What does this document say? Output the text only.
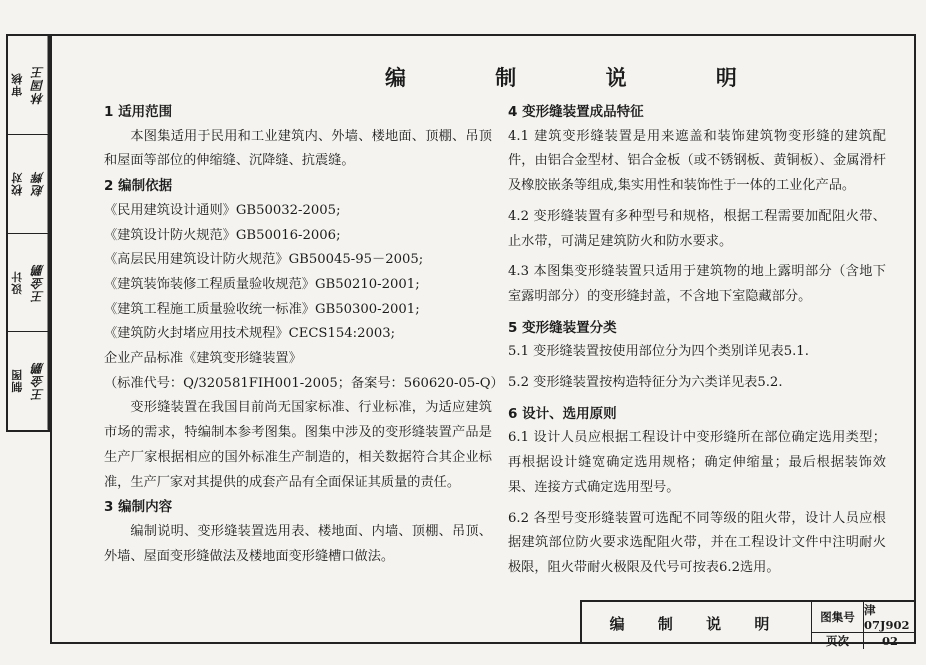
审核 林国王
校对 赵辉
设计 王金鹏
制图 王金鹏
编 制 说 明
1 适用范围
本图集适用于民用和工业建筑内、外墙、楼地面、顶棚、吊顶和屋面等部位的伸缩缝、沉降缝、抗震缝。
2 编制依据
《民用建筑设计通则》GB50032-2005;
《建筑设计防火规范》GB50016-2006;
《高层民用建筑设计防火规范》GB50045-95－2005;
《建筑装饰装修工程质量验收规范》GB50210-2001;
《建筑工程施工质量验收统一标准》GB50300-2001;
《建筑防火封堵应用技术规程》CECS154:2003;
企业产品标准《建筑变形缝装置》
（标准代号：Q/320581FIH001-2005；备案号：560620-05-Q）
变形缝装置在我国目前尚无国家标准、行业标准，为适应建筑市场的需求，特编制本参考图集。图集中涉及的变形缝装置产品是生产厂家根据相应的国外标准生产制造的，相关数据符合其企业标准，生产厂家对其提供的成套产品有全面保证其质量的责任。
3 编制内容
编制说明、变形缝装置选用表、楼地面、内墙、顶棚、吊顶、外墙、屋面变形缝做法及楼地面变形缝槽口做法。
4 变形缝装置成品特征
4.1 建筑变形缝装置是用来遮盖和装饰建筑物变形缝的建筑配件，由铝合金型材、铝合金板（或不锈钢板、黄铜板）、金属滑杆及橡胶嵌条等组成,集实用性和装饰性于一体的工业化产品。
4.2 变形缝装置有多种型号和规格，根据工程需要加配阻火带、止水带，可满足建筑防火和防水要求。
4.3 本图集变形缝装置只适用于建筑物的地上露明部分（含地下室露明部分）的变形缝封盖，不含地下室隐藏部分。
5 变形缝装置分类
5.1 变形缝装置按使用部位分为四个类别详见表5.1.
5.2 变形缝装置按构造特征分为六类详见表5.2.
6 设计、选用原则
6.1 设计人员应根据工程设计中变形缝所在部位确定选用类型；再根据设计缝宽确定选用规格；确定伸缩量；最后根据装饰效果、连接方式确定选用型号。
6.2 各型号变形缝装置可选配不同等级的阻火带，设计人员应根据建筑部位防火要求选配阻火带，并在工程设计文件中注明耐火极限，阻火带耐火极限及代号可按表6.2选用。
编 制 说 明	图集号 津07J902
页次	02
